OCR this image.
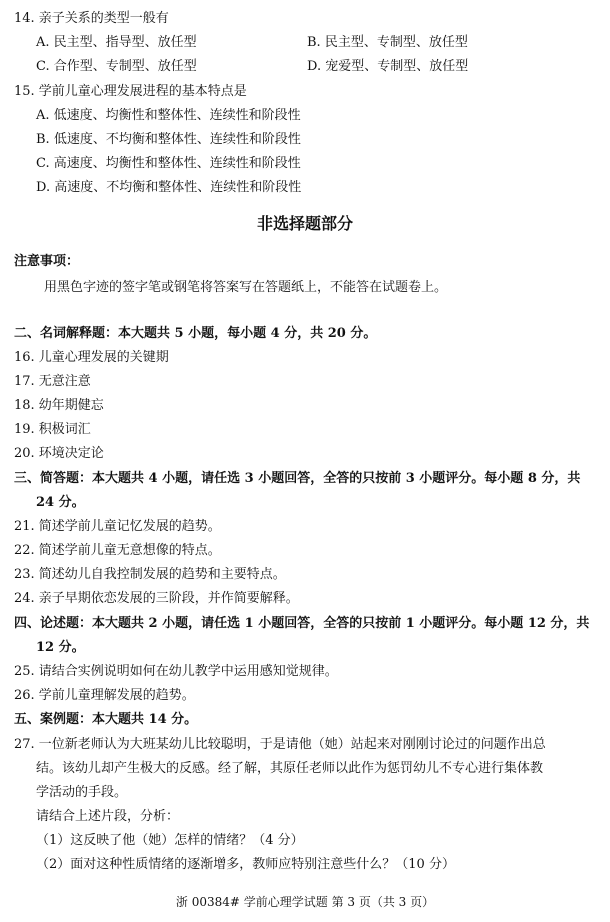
14. 亲子关系的类型一般有
A. 民主型、指导型、放任型	B. 民主型、专制型、放任型
C. 合作型、专制型、放任型	D. 宠爱型、专制型、放任型
15. 学前儿童心理发展进程的基本特点是
A. 低速度、均衡性和整体性、连续性和阶段性
B. 低速度、不均衡和整体性、连续性和阶段性
C. 高速度、均衡性和整体性、连续性和阶段性
D. 高速度、不均衡和整体性、连续性和阶段性
非选择题部分
注意事项：
用黑色字迹的签字笔或钢笔将答案写在答题纸上，不能答在试题卷上。
二、名词解释题：本大题共 5 小题，每小题 4 分，共 20 分。
16. 儿童心理发展的关键期
17. 无意注意
18. 幼年期健忘
19. 积极词汇
20. 环境决定论
三、简答题：本大题共 4 小题，请任选 3 小题回答，全答的只按前 3 小题评分。每小题 8 分，共
24 分。
21. 简述学前儿童记忆发展的趋势。
22. 简述学前儿童无意想像的特点。
23. 简述幼儿自我控制发展的趋势和主要特点。
24. 亲子早期依恋发展的三阶段，并作简要解释。
四、论述题：本大题共 2 小题，请任选 1 小题回答，全答的只按前 1 小题评分。每小题 12 分，共
12 分。
25. 请结合实例说明如何在幼儿教学中运用感知觉规律。
26. 学前儿童理解发展的趋势。
五、案例题：本大题共 14 分。
27. 一位新老师认为大班某幼儿比较聪明，于是请他（她）站起来对刚刚讨论过的问题作出总
结。该幼儿却产生极大的反感。经了解，其原任老师以此作为惩罚幼儿不专心进行集体教
学活动的手段。
请结合上述片段，分析：
（1）这反映了他（她）怎样的情绪？（4 分）
（2）面对这种性质情绪的逐渐增多，教师应特别注意些什么？（10 分）
浙 00384# 学前心理学试题 第 3 页（共 3 页）
